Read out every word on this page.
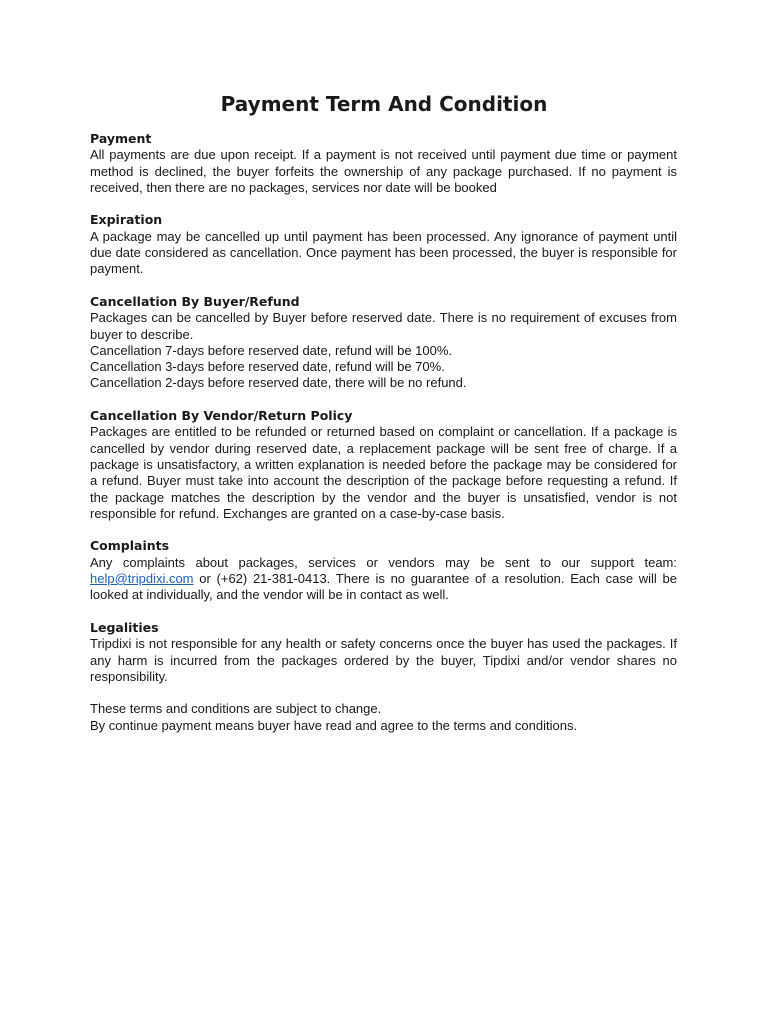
Payment Term And Condition

Payment

All payments are due upon receipt. If a payment is not received until payment due time or payment method is declined, the buyer forfeits the ownership of any package purchased. If no payment is received, then there are no packages, services nor date will be booked

Expiration

A package may be cancelled up until payment has been processed. Any ignorance of payment until due date considered as cancellation. Once payment has been processed, the buyer is responsible for payment.

Cancellation By Buyer/Refund

Packages can be cancelled by Buyer before reserved date. There is no requirement of excuses from buyer to describe.

Cancellation 7-days before reserved date, refund will be 100%.

Cancellation 3-days before reserved date, refund will be 70%.

Cancellation 2-days before reserved date, there will be no refund.

Cancellation By Vendor/Return Policy

Packages are entitled to be refunded or returned based on complaint or cancellation. If a package is cancelled by vendor during reserved date, a replacement package will be sent free of charge. If a package is unsatisfactory, a written explanation is needed before the package may be considered for a refund. Buyer must take into account the description of the package before requesting a refund. If the package matches the description by the vendor and the buyer is unsatisfied, vendor is not responsible for refund. Exchanges are granted on a case-by-case basis.

Complaints

Any complaints about packages, services or vendors may be sent to our support team: help@tripdixi.com or (+62) 21-381-0413. There is no guarantee of a resolution. Each case will be looked at individually, and the vendor will be in contact as well.

Legalities

Tripdixi is not responsible for any health or safety concerns once the buyer has used the packages. If any harm is incurred from the packages ordered by the buyer, Tipdixi and/or vendor shares no responsibility.

These terms and conditions are subject to change.

By continue payment means buyer have read and agree to the terms and conditions.
